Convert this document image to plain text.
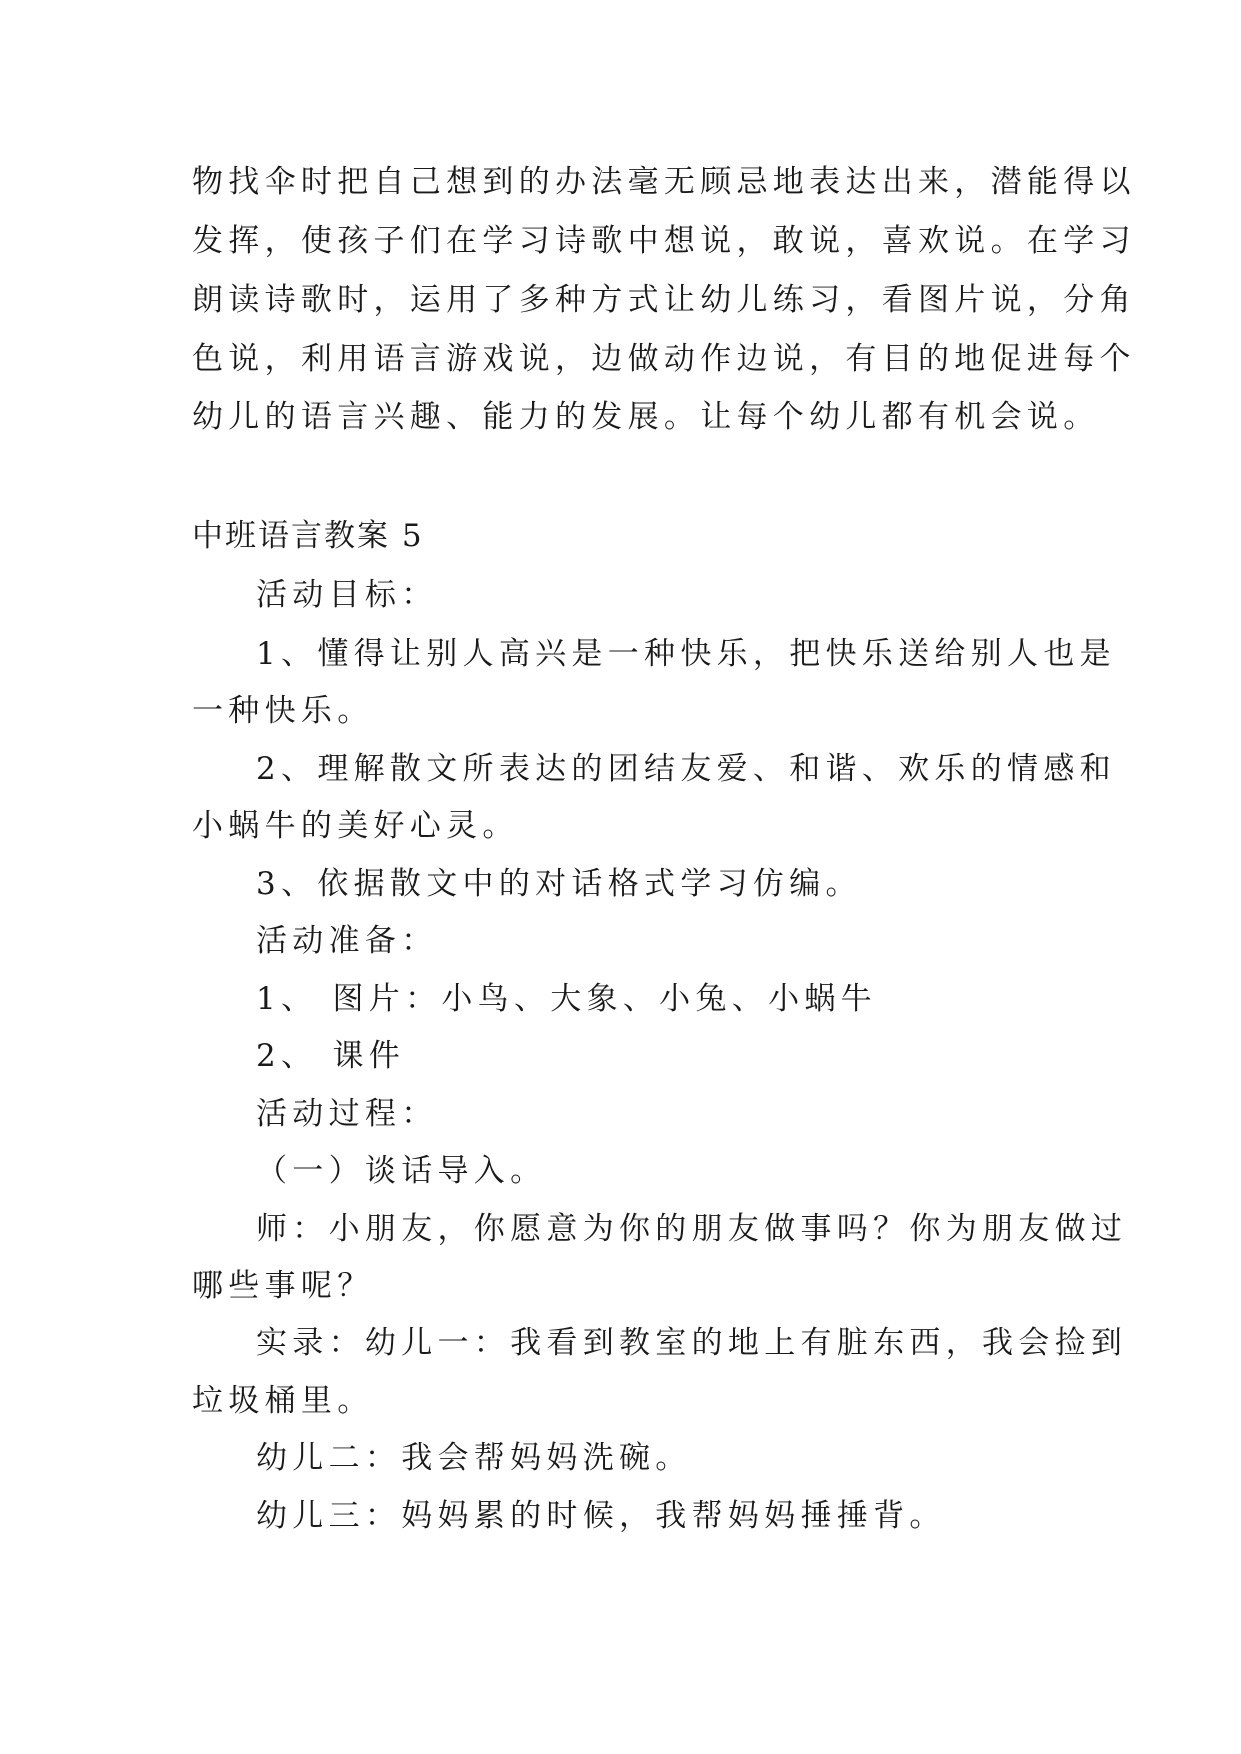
物找伞时把自己想到的办法毫无顾忌地表达出来，潜能得以
发挥，使孩子们在学习诗歌中想说，敢说，喜欢说。在学习
朗读诗歌时，运用了多种方式让幼儿练习，看图片说，分角
色说，利用语言游戏说，边做动作边说，有目的地促进每个
幼儿的语言兴趣、能力的发展。让每个幼儿都有机会说。
中班语言教案 5
活动目标：
1、懂得让别人高兴是一种快乐，把快乐送给别人也是
一种快乐。
2、理解散文所表达的团结友爱、和谐、欢乐的情感和
小蜗牛的美好心灵。
3、依据散文中的对话格式学习仿编。
活动准备：
1、 图片：小鸟、大象、小兔、小蜗牛
2、 课件
活动过程：
（一）谈话导入。
师：小朋友，你愿意为你的朋友做事吗？你为朋友做过
哪些事呢？
实录：幼儿一：我看到教室的地上有脏东西，我会捡到
垃圾桶里。
幼儿二：我会帮妈妈洗碗。
幼儿三：妈妈累的时候，我帮妈妈捶捶背。
